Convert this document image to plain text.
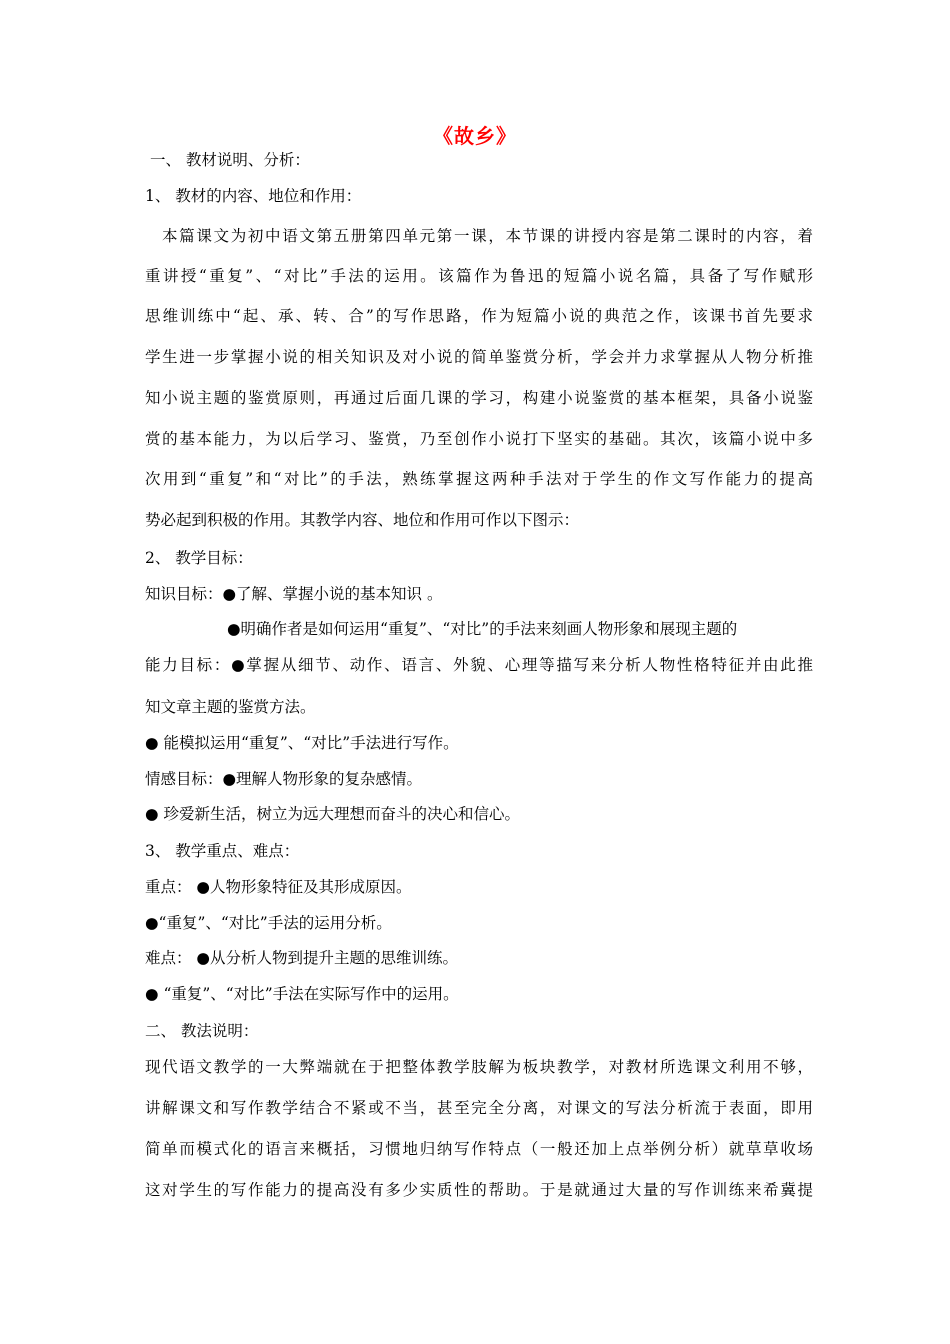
《故乡》
一、 教材说明、分析：
1、 教材的内容、地位和作用：
本篇课文为初中语文第五册第四单元第一课，本节课的讲授内容是第二课时的内容，着
重讲授“重复”、“对比”手法的运用。该篇作为鲁迅的短篇小说名篇，具备了写作赋形
思维训练中“起、承、转、合”的写作思路，作为短篇小说的典范之作，该课书首先要求
学生进一步掌握小说的相关知识及对小说的简单鉴赏分析，学会并力求掌握从人物分析推
知小说主题的鉴赏原则，再通过后面几课的学习，构建小说鉴赏的基本框架，具备小说鉴
赏的基本能力，为以后学习、鉴赏，乃至创作小说打下坚实的基础。其次，该篇小说中多
次用到“重复”和“对比”的手法，熟练掌握这两种手法对于学生的作文写作能力的提高
势必起到积极的作用。其教学内容、地位和作用可作以下图示：
2、 教学目标：
知识目标：●了解、掌握小说的基本知识 。
●明确作者是如何运用“重复”、“对比”的手法来刻画人物形象和展现主题的
能力目标：●掌握从细节、动作、语言、外貌、心理等描写来分析人物性格特征并由此推
知文章主题的鉴赏方法。
● 能模拟运用“重复”、“对比”手法进行写作。
情感目标：●理解人物形象的复杂感情。
● 珍爱新生活，树立为远大理想而奋斗的决心和信心。
3、 教学重点、难点：
重点： ●人物形象特征及其形成原因。
●“重复”、“对比”手法的运用分析。
难点： ●从分析人物到提升主题的思维训练。
● “重复”、“对比”手法在实际写作中的运用。
二、 教法说明：
现代语文教学的一大弊端就在于把整体教学肢解为板块教学，对教材所选课文利用不够，
讲解课文和写作教学结合不紧或不当，甚至完全分离，对课文的写法分析流于表面，即用
简单而模式化的语言来概括，习惯地归纳写作特点（一般还加上点举例分析）就草草收场
这对学生的写作能力的提高没有多少实质性的帮助。于是就通过大量的写作训练来希冀提
